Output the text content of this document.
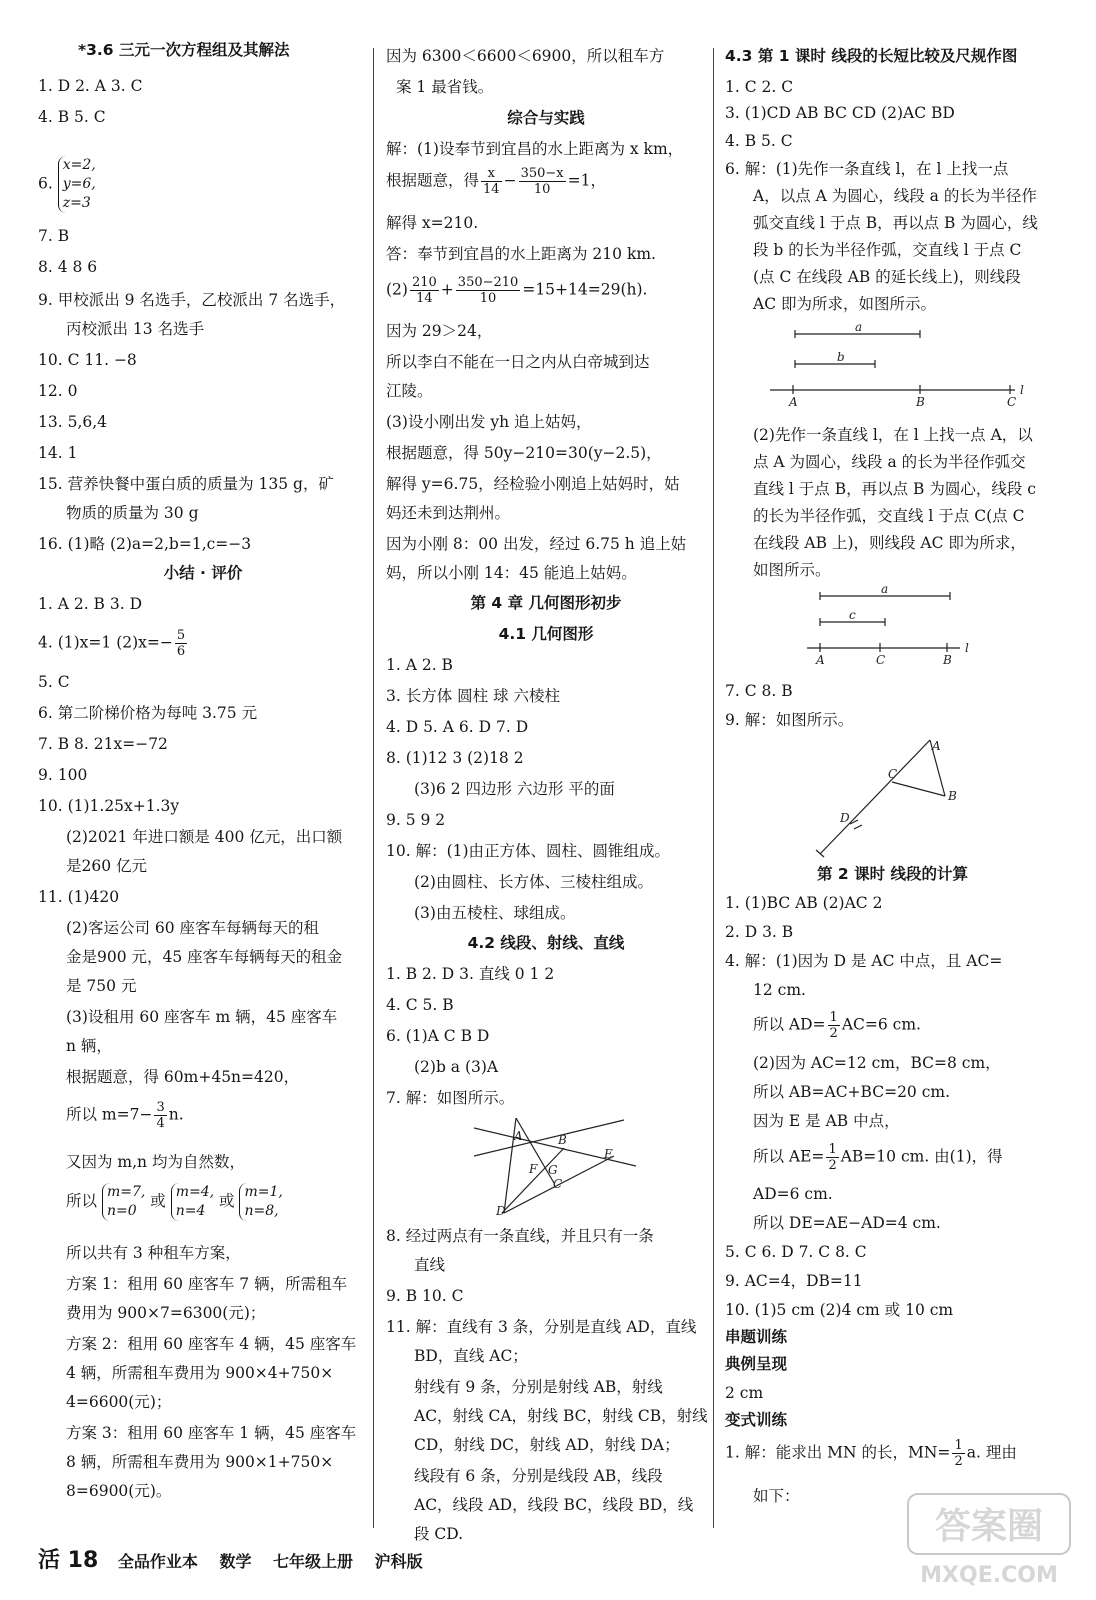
6. x=2,
y=6,
z=3
4. (1)x=1 $(2)x=- \frac{5}{6}$
所以 $m=7- \frac{3}{4} n$.
所以 m=7,
n=0 或 m=4,
n=4 或 m=1,
n=8,
*3.6 三元一次方程组及其解法
1. D 2. A 3. C
4. B 5. C
7. B
8. 4 8 6
9. 甲校派出 9 名选手，乙校派出 7 名选手，
丙校派出 13 名选手
10. C 11. −8
12. 0
13. 5,6,4
14. 1
15. 营养快餐中蛋白质的质量为 135 g，矿
物质的质量为 30 g
16. (1)略 (2)a=2,b=1,c=−3
小结 · 评价
1. A 2. B 3. D
5. C
6. 第二阶梯价格为每吨 3.75 元
7. B 8. 21x=−72
9. 100
10. (1)1.25x+1.3y
(2)2021 年进口额是 400 亿元，出口额
是260 亿元
11. (1)420
(2)客运公司 60 座客车每辆每天的租
金是900 元，45 座客车每辆每天的租金
是 750 元
(3)设租用 60 座客车 m 辆，45 座客车
n 辆，
根据题意，得 60m+45n=420，
又因为 m,n 均为自然数，
所以共有 3 种租车方案，
方案 1：租用 60 座客车 7 辆，所需租车
费用为 900×7=6300(元)；
方案 2：租用 60 座客车 4 辆，45 座客车
4 辆，所需租车费用为 900×4+750×
4=6600(元)；
方案 3：租用 60 座客车 1 辆，45 座客车
8 辆，所需租车费用为 900×1+750×
8=6900(元)。
根据题意，得 $\frac{x}{14} - \frac{350-x}{10} =1$，
$(2) \frac{210}{14} + \frac{350-210}{10} =15+14=29(h)$.
A	B
C
D
E
F G
因为 6300＜6600＜6900，所以租车方
案 1 最省钱。
综合与实践
解：(1)设奉节到宜昌的水上距离为 x km，
解得 x=210.
答：奉节到宜昌的水上距离为 210 km.
因为 29＞24，
所以李白不能在一日之内从白帝城到达
江陵。
(3)设小刚出发 yh 追上姑妈，
根据题意，得 50y−210=30(y−2.5)，
解得 y=6.75，经检验小刚追上姑妈时，姑
妈还未到达荆州。
因为小刚 8：00 出发，经过 6.75 h 追上姑
妈，所以小刚 14：45 能追上姑妈。
第 4 章 几何图形初步
4.1 几何图形
1. A 2. B
3. 长方体 圆柱 球 六棱柱
4. D 5. A 6. D 7. D
8. (1)12 3 (2)18 2
(3)6 2 四边形 六边形 平的面
9. 5 9 2
10. 解：(1)由正方体、圆柱、圆锥组成。
(2)由圆柱、长方体、三棱柱组成。
(3)由五棱柱、球组成。
4.2 线段、射线、直线
1. B 2. D 3. 直线 0 1 2
4. C 5. B
6. (1)A C B D
(2)b a (3)A
7. 解：如图所示。
8. 经过两点有一条直线，并且只有一条
直线
9. B 10. C
11. 解：直线有 3 条，分别是直线 AD，直线
BD，直线 AC；
射线有 9 条，分别是射线 AB，射线
AC，射线 CA，射线 BC，射线 CB，射线
CD，射线 DC，射线 AD，射线 DA；
线段有 6 条，分别是线段 AB，线段
AC，线段 AD，线段 BC，线段 BD，线
段 CD.
a
b
A	B	C
l
a
c
A	C	B
l
A
B
C
D
所以 $AD= \frac{1}{2} AC=6$ cm.
所以 $AE= \frac{1}{2} AB=10$ cm. 由(1)，得
1. 解：能求出 MN 的长，$MN= \frac{1}{2} a$. 理由
4.3 第 1 课时 线段的长短比较及尺规作图
1. C 2. C
3. (1)CD AB BC CD (2)AC BD
4. B 5. C
6. 解：(1)先作一条直线 l，在 l 上找一点
A，以点 A 为圆心，线段 a 的长为半径作
弧交直线 l 于点 B，再以点 B 为圆心，线
段 b 的长为半径作弧，交直线 l 于点 C
(点 C 在线段 AB 的延长线上)，则线段
AC 即为所求，如图所示。
(2)先作一条直线 l，在 l 上找一点 A，以
点 A 为圆心，线段 a 的长为半径作弧交
直线 l 于点 B，再以点 B 为圆心，线段 c
的长为半径作弧，交直线 l 于点 C(点 C
在线段 AB 上)，则线段 AC 即为所求，
如图所示。
7. C 8. B
9. 解：如图所示。
第 2 课时 线段的计算
1. (1)BC AB (2)AC 2
2. D 3. B
4. 解：(1)因为 D 是 AC 中点，且 AC=
12 cm.
(2)因为 AC=12 cm，BC=8 cm，
所以 AB=AC+BC=20 cm.
因为 E 是 AB 中点，
AD=6 cm.
所以 DE=AE−AD=4 cm.
5. C 6. D 7. C 8. C
9. AC=4，DB=11
10. (1)5 cm (2)4 cm 或 10 cm
串题训练
典例呈现
2 cm
变式训练
如下：
活 18 全品作业本 数学 七年级上册 沪科版
答案圈
MXQE.COM
